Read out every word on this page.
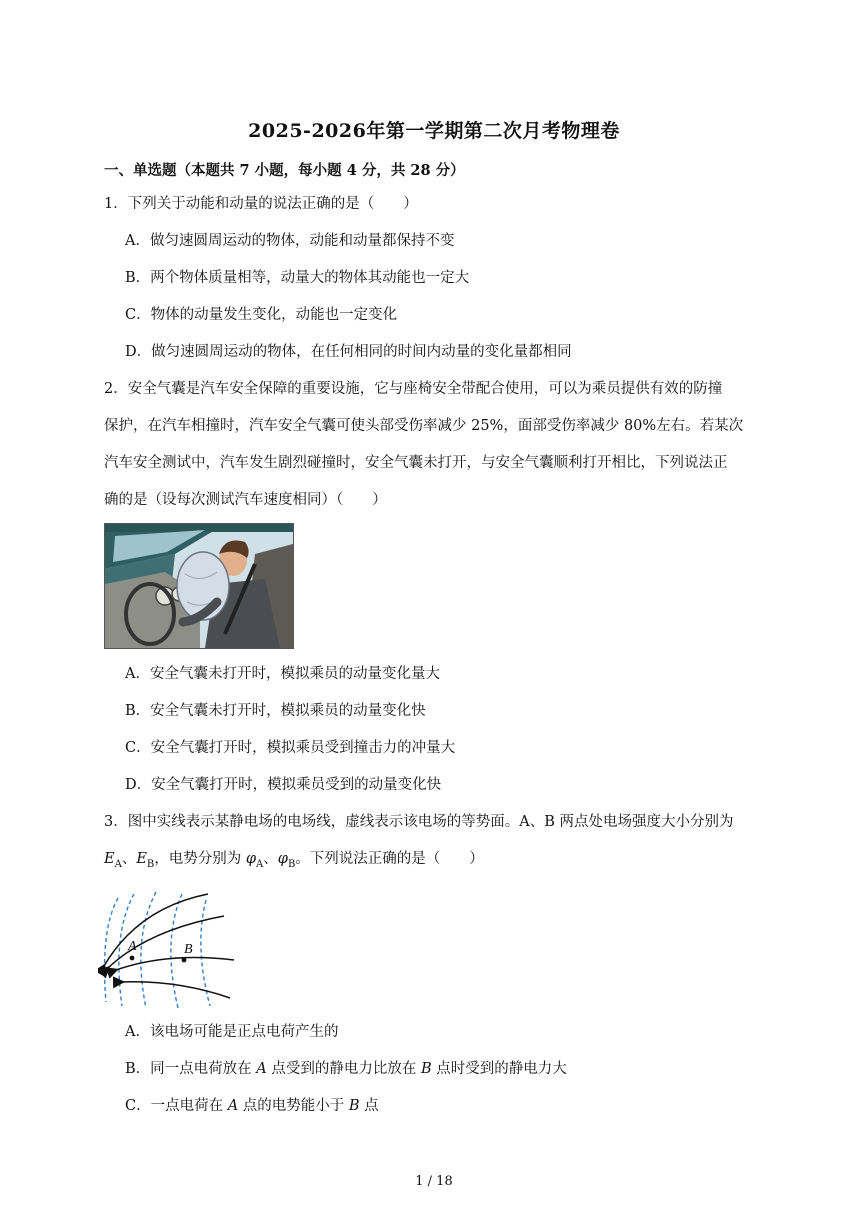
2025-2026年第一学期第二次月考物理卷
一、单选题（本题共 7 小题，每小题 4 分，共 28 分）
1．下列关于动能和动量的说法正确的是（　　）
A．做匀速圆周运动的物体，动能和动量都保持不变
B．两个物体质量相等，动量大的物体其动能也一定大
C．物体的动量发生变化，动能也一定变化
D．做匀速圆周运动的物体，在任何相同的时间内动量的变化量都相同
2．安全气囊是汽车安全保障的重要设施，它与座椅安全带配合使用，可以为乘员提供有效的防撞
保护，在汽车相撞时，汽车安全气囊可使头部受伤率减少 25%，面部受伤率减少 80%左右。若某次
汽车安全测试中，汽车发生剧烈碰撞时，安全气囊未打开，与安全气囊顺利打开相比，下列说法正
确的是（设每次测试汽车速度相同）（　　）
A．安全气囊未打开时，模拟乘员的动量变化量大
B．安全气囊未打开时，模拟乘员的动量变化快
C．安全气囊打开时，模拟乘员受到撞击力的冲量大
D．安全气囊打开时，模拟乘员受到的动量变化快
3．图中实线表示某静电场的电场线，虚线表示该电场的等势面。A、B 两点处电场强度大小分别为
$E_A$、$E_B$，电势分别为 $\varphi_A$、$\varphi_B$。下列说法正确的是（　　）
A	B
A．该电场可能是正点电荷产生的
B．同一点电荷放在 A 点受到的静电力比放在 B 点时受到的静电力大
C．一点电荷在 A 点的电势能小于 B 点
1 / 18
